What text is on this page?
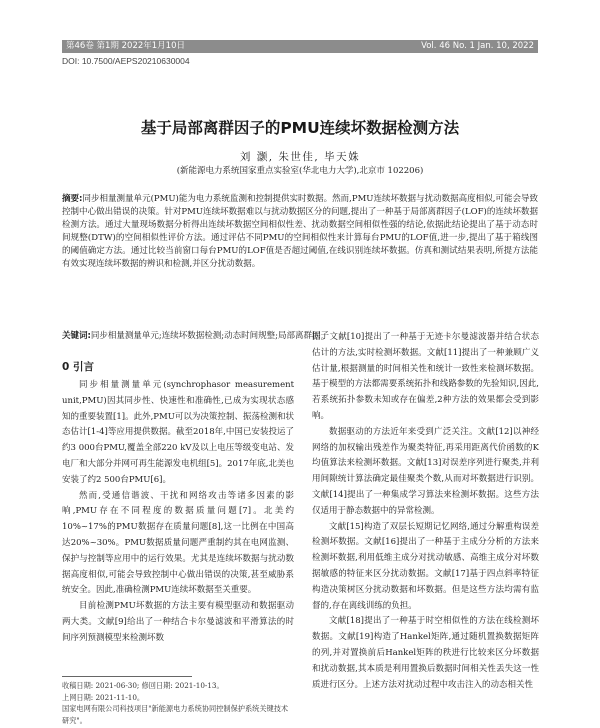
第46卷 第1期 2022年1月10日	Vol. 46 No. 1 Jan. 10, 2022
DOI: 10.7500/AEPS20210630004
基于局部离群因子的PMU连续坏数据检测方法
刘 灏, 朱世佳, 毕天姝
(新能源电力系统国家重点实验室(华北电力大学),北京市 102206)
摘要:同步相量测量单元(PMU)能为电力系统监测和控制提供实时数据。然而,PMU连续坏数据与扰动数据高度相似,可能会导致控制中心做出错误的决策。针对PMU连续坏数据难以与扰动数据区分的问题,提出了一种基于局部离群因子(LOF)的连续坏数据检测方法。通过大量现场数据分析得出连续坏数据空间相似性差、扰动数据空间相似性强的结论,依据此结论提出了基于动态时间规整(DTW)的空间相似性评价方法。通过评估不同PMU的空间相似性来计算每台PMU的LOF值,进一步,提出了基于箱线图的阈值确定方法。通过比较当前窗口每台PMU的LOF值是否超过阈值,在线识别连续坏数据。仿真和测试结果表明,所提方法能有效实现连续坏数据的辨识和检测,并区分扰动数据。
关键词:同步相量测量单元;连续坏数据检测;动态时间规整;局部离群因子
0 引言

同步相量测量单元(synchrophasor measurement unit,PMU)因其同步性、快速性和准确性,已成为实现状态感知的重要装置[1]。此外,PMU可以为决策控制、振荡检测和状态估计[1-4]等应用提供数据。截至2018年,中国已安装投运了约3 000台PMU,覆盖全部220 kV及以上电压等级变电站、发电厂和大部分并网可再生能源发电机组[5]。2017年底,北美也安装了约2 500台PMU[6]。

然而,受通信谐波、干扰和网络攻击等诸多因素的影响,PMU存在不同程度的数据质量问题[7]。北美约10%~17%的PMU数据存在质量问题[8],这一比例在中国高达20%~30%。PMU数据质量问题严重制约其在电网监测、保护与控制等应用中的运行效果。尤其是连续坏数据与扰动数据高度相似,可能会导致控制中心做出错误的决策,甚至威胁系统安全。因此,准确检测PMU连续坏数据至关重要。

目前检测PMU坏数据的方法主要有模型驱动和数据驱动两大类。文献[9]给出了一种结合卡尔曼滤波和平滑算法的时间序列预测模型来检测坏数

据。文献[10]提出了一种基于无迹卡尔曼滤波器并结合状态估计的方法,实时检测坏数据。文献[11]提出了一种兼顾广义估计量,根据测量的时间相关性和统计一致性来检测坏数据。基于模型的方法都需要系统拓扑和线路参数的先验知识,因此,若系统拓扑参数未知或存在偏差,2种方法的效果都会受到影响。

数据驱动的方法近年来受到广泛关注。文献[12]以神经网络的加权输出残差作为聚类特征,再采用距离代价函数的K均值算法来检测坏数据。文献[13]对误差序列进行聚类,并利用间隙统计算法确定最佳聚类个数,从而对坏数据进行识别。文献[14]提出了一种集成学习算法来检测坏数据。这些方法仅适用于静态数据中的异常检测。

文献[15]构造了双层长短期记忆网络,通过分解重构误差检测坏数据。文献[16]提出了一种基于主成分分析的方法来检测坏数据,利用低维主成分对扰动敏感、高维主成分对坏数据敏感的特征来区分扰动数据。文献[17]基于四点斜率特征构造决策树区分扰动数据和坏数据。但是这些方法均需有监督的,存在离线训练的负担。

文献[18]提出了一种基于时空相似性的方法在线检测坏数据。文献[19]构造了Hankel矩阵,通过随机置换数据矩阵的列,并对置换前后Hankel矩阵的秩进行比较来区分坏数据和扰动数据,其本质是利用置换后数据时间相关性丢失这一性质进行区分。上述方法对扰动过程中攻击注入的动态相关性

收稿日期: 2021-06-30; 修回日期: 2021-10-13。
上网日期: 2021-11-10。
国家电网有限公司科技项目"新能源电力系统协同控制保护系统关键技术研究"。
